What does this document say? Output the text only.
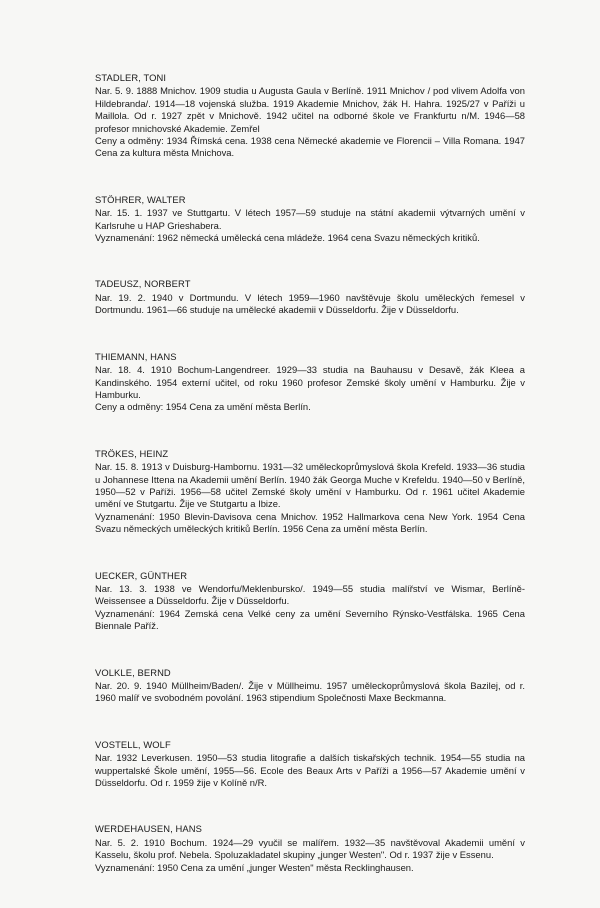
STADLER, TONI

Nar. 5. 9. 1888 Mnichov. 1909 studia u Augusta Gaula v Berlíně. 1911 Mnichov / pod vlivem Adolfa von Hildebranda/. 1914—18 vojenská služba. 1919 Akademie Mnichov, žák H. Hahra. 1925/27 v Paříži u Maillola. Od r. 1927 zpět v Mnichově. 1942 učitel na odborné škole ve Frankfurtu n/M. 1946—58 profesor mnichovské Akademie. Zemřel

Ceny a odměny: 1934 Římská cena. 1938 cena Německé akademie ve Florencii – Villa Romana. 1947 Cena za kultura města Mnichova.

STÖHRER, WALTER

Nar. 15. 1. 1937 ve Stuttgartu. V létech 1957—59 studuje na státní akademii výtvarných umění v Karlsruhe u HAP Grieshabera.

Vyznamenání: 1962 německá umělecká cena mládeže. 1964 cena Svazu německých kritiků.

TADEUSZ, NORBERT

Nar. 19. 2. 1940 v Dortmundu. V létech 1959—1960 navštěvuje školu uměleckých řemesel v Dortmundu. 1961—66 studuje na umělecké akademii v Düsseldorfu. Žije v Düsseldorfu.

THIEMANN, HANS

Nar. 18. 4. 1910 Bochum-Langendreer. 1929—33 studia na Bauhausu v Desavě, žák Kleea a Kandinského. 1954 externí učitel, od roku 1960 profesor Zemské školy umění v Hamburku. Žije v Hamburku.

Ceny a odměny: 1954 Cena za umění města Berlín.

TRÖKES, HEINZ

Nar. 15. 8. 1913 v Duisburg-Hambornu. 1931—32 uměleckoprůmyslová škola Krefeld. 1933—36 studia u Johannese Ittena na Akademii umění Berlín. 1940 žák Georga Muche v Krefeldu. 1940—50 v Berlíně, 1950—52 v Paříži. 1956—58 učitel Zemské školy umění v Hamburku. Od r. 1961 učitel Akademie umění ve Stutgartu. Žije ve Stutgartu a Ibize.

Vyznamenání: 1950 Blevin-Davisova cena Mnichov. 1952 Hallmarkova cena New York. 1954 Cena Svazu německých uměleckých kritiků Berlín. 1956 Cena za umění města Berlín.

UECKER, GÜNTHER

Nar. 13. 3. 1938 ve Wendorfu/Meklenbursko/. 1949—55 studia malířství ve Wismar, Berlíně-Weissensee a Düsseldorfu. Žije v Düsseldorfu.

Vyznamenání: 1964 Zemská cena Velké ceny za umění Severního Rýnsko-Vestfálska. 1965 Cena Biennale Paříž.

VOLKLE, BERND

Nar. 20. 9. 1940 Müllheim/Baden/. Žije v Müllheimu. 1957 uměleckoprůmyslová škola Bazilej, od r. 1960 malíř ve svobodném povolání. 1963 stipendium Společnosti Maxe Beckmanna.

VOSTELL, WOLF

Nar. 1932 Leverkusen. 1950—53 studia litografie a dalších tiskařských technik. 1954—55 studia na wuppertalské Škole umění, 1955—56. Ecole des Beaux Arts v Paříži a 1956—57 Akademie umění v Düsseldorfu. Od r. 1959 žije v Kolíně n/R.

WERDEHAUSEN, HANS

Nar. 5. 2. 1910 Bochum. 1924—29 vyučil se malířem. 1932—35 navštěvoval Akademii umění v Kasselu, školu prof. Nebela. Spoluzakladatel skupiny „junger Westen". Od r. 1937 žije v Essenu.

Vyznamenání: 1950 Cena za umění „junger Westen" města Recklinghausen.
